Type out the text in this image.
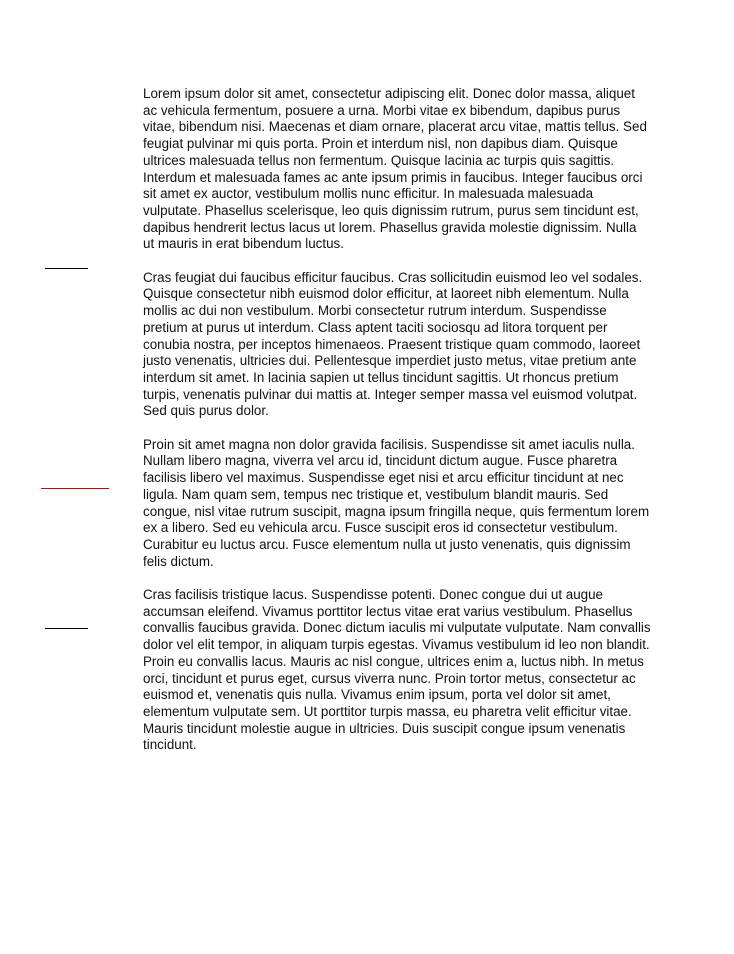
Lorem ipsum dolor sit amet, consectetur adipiscing elit. Donec dolor massa, aliquet ac vehicula fermentum, posuere a urna. Morbi vitae ex bibendum, dapibus purus vitae, bibendum nisi. Maecenas et diam ornare, placerat arcu vitae, mattis tellus. Sed feugiat pulvinar mi quis porta. Proin et interdum nisl, non dapibus diam. Quisque ultrices malesuada tellus non fermentum. Quisque lacinia ac turpis quis sagittis. Interdum et malesuada fames ac ante ipsum primis in faucibus. Integer faucibus orci sit amet ex auctor, vestibulum mollis nunc efficitur. In malesuada malesuada vulputate. Phasellus scelerisque, leo quis dignissim rutrum, purus sem tincidunt est, dapibus hendrerit lectus lacus ut lorem. Phasellus gravida molestie dignissim. Nulla ut mauris in erat bibendum luctus.

Cras feugiat dui faucibus efficitur faucibus. Cras sollicitudin euismod leo vel sodales. Quisque consectetur nibh euismod dolor efficitur, at laoreet nibh elementum. Nulla mollis ac dui non vestibulum. Morbi consectetur rutrum interdum. Suspendisse pretium at purus ut interdum. Class aptent taciti sociosqu ad litora torquent per conubia nostra, per inceptos himenaeos. Praesent tristique quam commodo, laoreet justo venenatis, ultricies dui. Pellentesque imperdiet justo metus, vitae pretium ante interdum sit amet. In lacinia sapien ut tellus tincidunt sagittis. Ut rhoncus pretium turpis, venenatis pulvinar dui mattis at. Integer semper massa vel euismod volutpat. Sed quis purus dolor.

Proin sit amet magna non dolor gravida facilisis. Suspendisse sit amet iaculis nulla. Nullam libero magna, viverra vel arcu id, tincidunt dictum augue. Fusce pharetra facilisis libero vel maximus. Suspendisse eget nisi et arcu efficitur tincidunt at nec ligula. Nam quam sem, tempus nec tristique et, vestibulum blandit mauris. Sed congue, nisl vitae rutrum suscipit, magna ipsum fringilla neque, quis fermentum lorem ex a libero. Sed eu vehicula arcu. Fusce suscipit eros id consectetur vestibulum. Curabitur eu luctus arcu. Fusce elementum nulla ut justo venenatis, quis dignissim felis dictum.

Cras facilisis tristique lacus. Suspendisse potenti. Donec congue dui ut augue accumsan eleifend. Vivamus porttitor lectus vitae erat varius vestibulum. Phasellus convallis faucibus gravida. Donec dictum iaculis mi vulputate vulputate. Nam convallis dolor vel elit tempor, in aliquam turpis egestas. Vivamus vestibulum id leo non blandit. Proin eu convallis lacus. Mauris ac nisl congue, ultrices enim a, luctus nibh. In metus orci, tincidunt et purus eget, cursus viverra nunc. Proin tortor metus, consectetur ac euismod et, venenatis quis nulla. Vivamus enim ipsum, porta vel dolor sit amet, elementum vulputate sem. Ut porttitor turpis massa, eu pharetra velit efficitur vitae. Mauris tincidunt molestie augue in ultricies. Duis suscipit congue ipsum venenatis tincidunt.
